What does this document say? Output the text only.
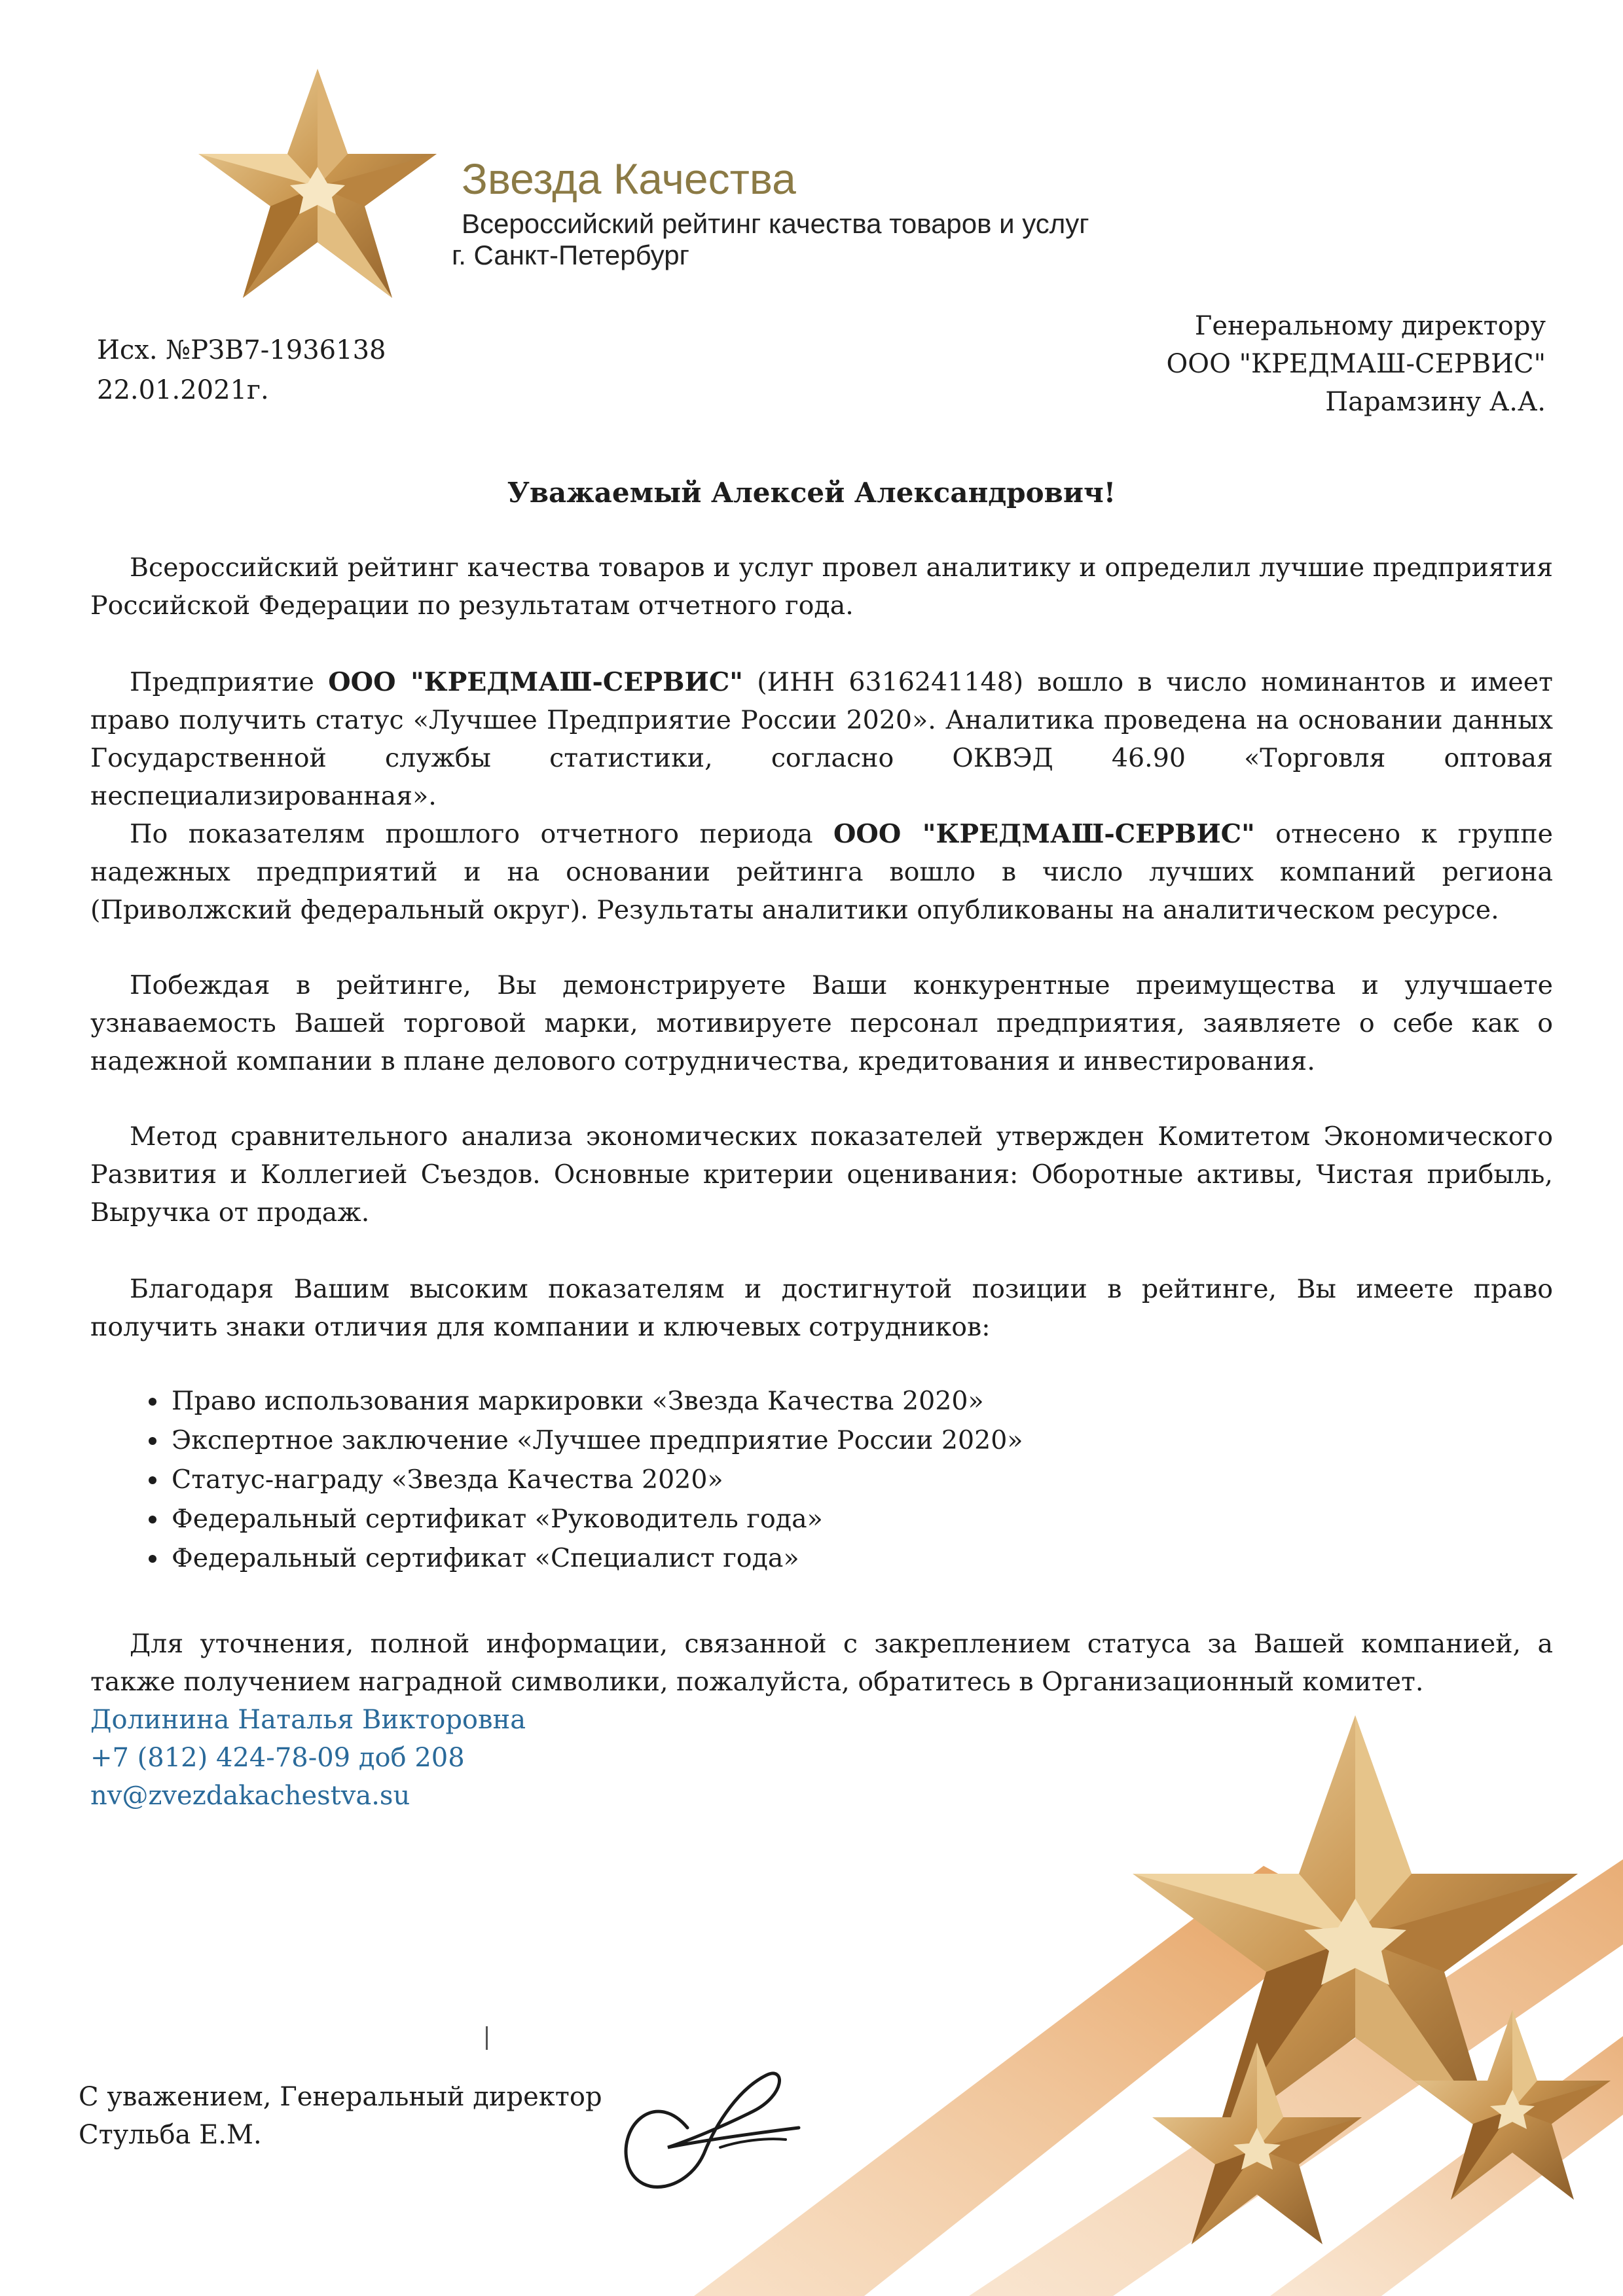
Звезда Качества
Всероссийский рейтинг качества товаров и услуг
г. Санкт-Петербург
Исх. №РЗВ7-1936138
22.01.2021г.
Генеральному директору
ООО "КРЕДМАШ-СЕРВИС"
Парамзину А.А.
Уважаемый Алексей Александрович!
Всероссийский рейтинг качества товаров и услуг провел аналитику и определил лучшие предприятия Российской Федерации по результатам отчетного года.
Предприятие ООО "КРЕДМАШ-СЕРВИС" (ИНН 6316241148) вошло в число номинантов и имеет право получить статус «Лучшее Предприятие России 2020». Аналитика проведена на основании данных Государственной службы статистики, согласно ОКВЭД 46.90 «Торговля оптовая неспециализированная».
По показателям прошлого отчетного периода ООО "КРЕДМАШ-СЕРВИС" отнесено к группе надежных предприятий и на основании рейтинга вошло в число лучших компаний региона (Приволжский федеральный округ). Результаты аналитики опубликованы на аналитическом ресурсе.
Побеждая в рейтинге, Вы демонстрируете Ваши конкурентные преимущества и улучшаете узнаваемость Вашей торговой марки, мотивируете персонал предприятия, заявляете о себе как о надежной компании в плане делового сотрудничества, кредитования и инвестирования.
Метод сравнительного анализа экономических показателей утвержден Комитетом Экономического Развития и Коллегией Съездов. Основные критерии оценивания: Оборотные активы, Чистая прибыль, Выручка от продаж.
Благодаря Вашим высоким показателям и достигнутой позиции в рейтинге, Вы имеете право получить знаки отличия для компании и ключевых сотрудников:
• Право использования маркировки «Звезда Качества 2020»
• Экспертное заключение «Лучшее предприятие России 2020»
• Статус-награду «Звезда Качества 2020»
• Федеральный сертификат «Руководитель года»
• Федеральный сертификат «Специалист года»
Для уточнения, полной информации, связанной с закреплением статуса за Вашей компанией, а также получением наградной символики, пожалуйста, обратитесь в Организационный комитет.
Долинина Наталья Викторовна
+7 (812) 424-78-09 доб 208
nv@zvezdakachestva.su
С уважением, Генеральный директор
Стульба Е.М.
